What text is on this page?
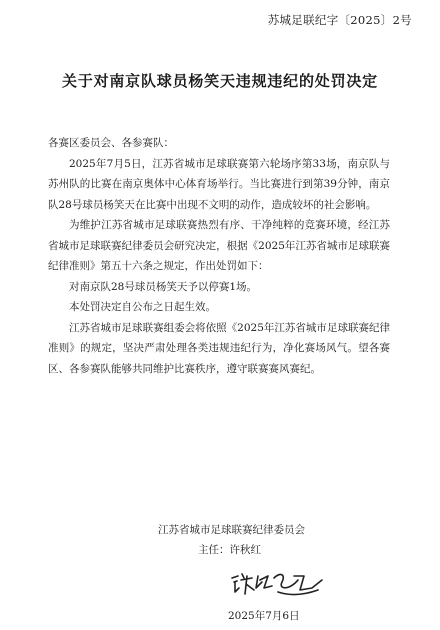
苏城足联纪字〔2025〕2号
关于对南京队球员杨笑天违规违纪的处罚决定

各赛区委员会、各参赛队：

2025年7月5日，江苏省城市足球联赛第六轮场序第33场，南京队与苏州队的比赛在南京奥体中心体育场举行。当比赛进行到第39分钟，南京队28号球员杨笑天在比赛中出现不文明的动作，造成较坏的社会影响。

为维护江苏省城市足球联赛热烈有序、干净纯粹的竞赛环境，经江苏省城市足球联赛纪律委员会研究决定，根据《2025年江苏省城市足球联赛纪律准则》第五十六条之规定，作出处罚如下：

对南京队28号球员杨笑天予以停赛1场。

本处罚决定自公布之日起生效。

江苏省城市足球联赛组委会将依照《2025年江苏省城市足球联赛纪律准则》的规定，坚决严肃处理各类违规违纪行为，净化赛场风气。望各赛区、各参赛队能够共同维护比赛秩序，遵守联赛赛风赛纪。

江苏省城市足球联赛纪律委员会
主任：许秋红
2025年7月6日
